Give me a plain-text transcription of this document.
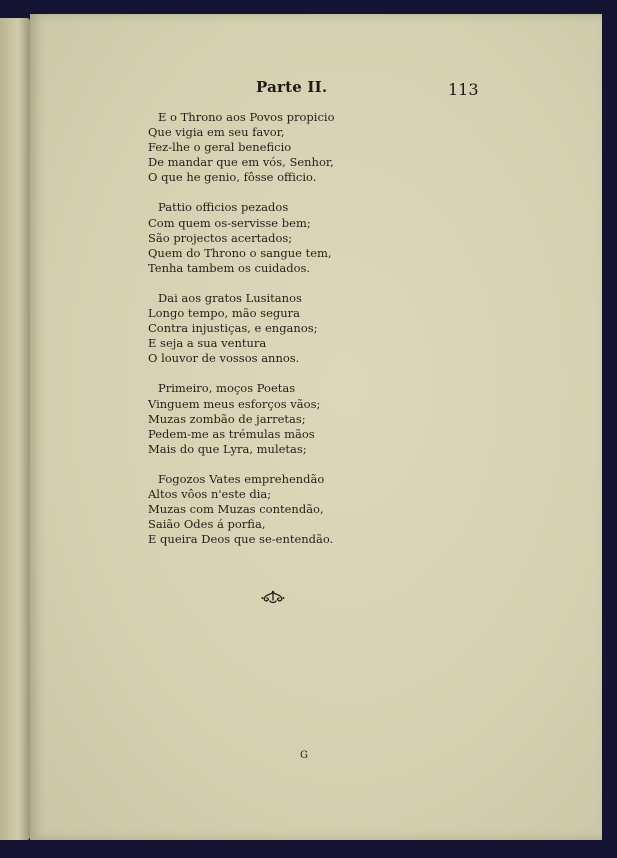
Parte II.	113
E o Throno aos Povos propicio
Que vigia em seu favor,
Fez-lhe o geral beneficio
De mandar que em vós, Senhor,
O que he genio, fôsse officio.
Pattio officios pezados
Com quem os-servisse bem;
São projectos acertados;
Quem do Throno o sangue tem,
Tenha tambem os cuidados.
Dai aos gratos Lusitanos
Longo tempo, mão segura
Contra injustiças, e enganos;
E seja a sua ventura
O louvor de vossos annos.
Primeiro, moços Poetas
Vinguem meus esforços vãos;
Muzas zombão de jarretas;
Pedem-me as trémulas mãos
Mais do que Lyra, muletas;
Fogozos Vates emprehendão
Altos vôos n'este dia;
Muzas com Muzas contendão,
Saião Odes á porfia,
E queira Deos que se-entendão.
G
